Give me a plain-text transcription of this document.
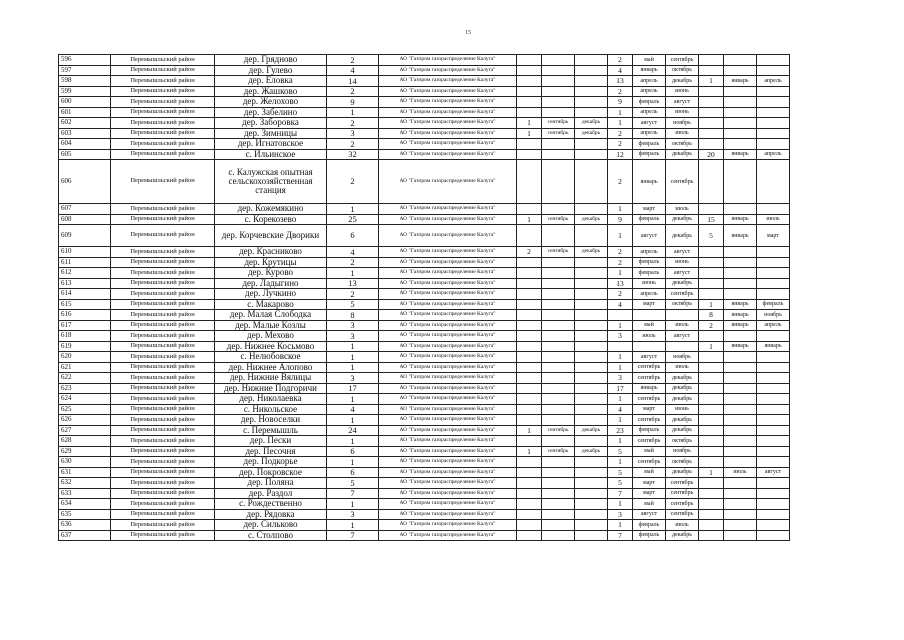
15
596	Перемышльский район	дер. Грядново	2	АО "Газпром газораспределение Калуга"				2	май	сентябрь			
597	Перемышльский район	дер. Гулево	4	АО "Газпром газораспределение Калуга"				4	январь	октябрь			
598	Перемышльский район	дер. Еловка	14	АО "Газпром газораспределение Калуга"				13	апрель	декабрь	1	январь	апрель
599	Перемышльский район	дер. Жашково	2	АО "Газпром газораспределение Калуга"				2	апрель	июнь			
600	Перемышльский район	дер. Желохово	9	АО "Газпром газораспределение Калуга"				9	февраль	август			
601	Перемышльский район	дер. Забелино	1	АО "Газпром газораспределение Калуга"				1	апрель	июнь			
602	Перемышльский район	дер. Заборовка	2	АО "Газпром газораспределение Калуга"	1	сентябрь	декабрь	1	август	ноябрь			
603	Перемышльский район	дер. Зимницы	3	АО "Газпром газораспределение Калуга"	1	сентябрь	декабрь	2	апрель	июль			
604	Перемышльский район	дер. Игнатовское	2	АО "Газпром газораспределение Калуга"				2	февраль	октябрь			
605	Перемышльский район	с. Ильинское	32	АО "Газпром газораспределение Калуга"				12	февраль	декабрь	20	январь	апрель
606	Перемышльский район	с. Калужская опытная сельскохозяйственная станция	2	АО "Газпром газораспределение Калуга"				2	январь	сентябрь			
607	Перемышльский район	дер. Кожемякино	1	АО "Газпром газораспределение Калуга"				1	март	июль			
608	Перемышльский район	с. Корекозево	25	АО "Газпром газораспределение Калуга"	1	сентябрь	декабрь	9	февраль	декабрь	15	январь	июль
609	Перемышльский район	дер. Корчевские Дворики	6	АО "Газпром газораспределение Калуга"				1	август	декабрь	5	январь	март
610	Перемышльский район	дер. Красниково	4	АО "Газпром газораспределение Калуга"	2	сентябрь	декабрь	2	апрель	август			
611	Перемышльский район	дер. Крутицы	2	АО "Газпром газораспределение Калуга"				2	февраль	июнь			
612	Перемышльский район	дер. Курово	1	АО "Газпром газораспределение Калуга"				1	февраль	август			
613	Перемышльский район	дер. Ладыгино	13	АО "Газпром газораспределение Калуга"				13	июнь	декабрь			
614	Перемышльский район	дер. Лучкино	2	АО "Газпром газораспределение Калуга"				2	апрель	сентябрь			
615	Перемышльский район	с. Макарово	5	АО "Газпром газораспределение Калуга"				4	март	октябрь	1	январь	февраль
616	Перемышльский район	дер. Малая Слободка	8	АО "Газпром газораспределение Калуга"							8	январь	ноябрь
617	Перемышльский район	дер. Малые Козлы	3	АО "Газпром газораспределение Калуга"				1	май	июль	2	январь	апрель
618	Перемышльский район	дер. Мехово	3	АО "Газпром газораспределение Калуга"				3	июль	август			
619	Перемышльский район	дер. Нижнее Косьмово	1	АО "Газпром газораспределение Калуга"							1	январь	январь
620	Перемышльский район	с. Нелюбовское	1	АО "Газпром газораспределение Калуга"				1	август	ноябрь			
621	Перемышльский район	дер. Нижнее Алопово	1	АО "Газпром газораспределение Калуга"				1	сентябрь	июль			
622	Перемышльский район	дер. Нижние Вялицы	3	АО "Газпром газораспределение Калуга"				3	сентябрь	декабрь			
623	Перемышльский район	дер. Нижние Подгоричи	17	АО "Газпром газораспределение Калуга"				17	январь	декабрь			
624	Перемышльский район	дер. Николаевка	1	АО "Газпром газораспределение Калуга"				1	сентябрь	декабрь			
625	Перемышльский район	с. Никольское	4	АО "Газпром газораспределение Калуга"				4	март	июнь			
626	Перемышльский район	дер. Новоселки	1	АО "Газпром газораспределение Калуга"				1	сентябрь	декабрь			
627	Перемышльский район	с. Перемышль	24	АО "Газпром газораспределение Калуга"	1	сентябрь	декабрь	23	февраль	декабрь			
628	Перемышльский район	дер. Пески	1	АО "Газпром газораспределение Калуга"				1	сентябрь	октябрь			
629	Перемышльский район	дер. Песочня	6	АО "Газпром газораспределение Калуга"	1	сентябрь	декабрь	5	май	ноябрь			
630	Перемышльский район	дер. Подкорье	1	АО "Газпром газораспределение Калуга"				1	сентябрь	октябрь			
631	Перемышльский район	дер. Покровское	6	АО "Газпром газораспределение Калуга"				5	май	декабрь	1	июль	август
632	Перемышльский район	дер. Поляна	5	АО "Газпром газораспределение Калуга"				5	март	сентябрь			
633	Перемышльский район	дер. Раздол	7	АО "Газпром газораспределение Калуга"				7	март	сентябрь			
634	Перемышльский район	с. Рождественно	1	АО "Газпром газораспределение Калуга"				1	май	сентябрь			
635	Перемышльский район	дер. Рядовка	3	АО "Газпром газораспределение Калуга"				3	август	сентябрь			
636	Перемышльский район	дер. Сильково	1	АО "Газпром газораспределение Калуга"				1	февраль	июль			
637	Перемышльский район	с. Столпово	7	АО "Газпром газораспределение Калуга"				7	февраль	декабрь			
